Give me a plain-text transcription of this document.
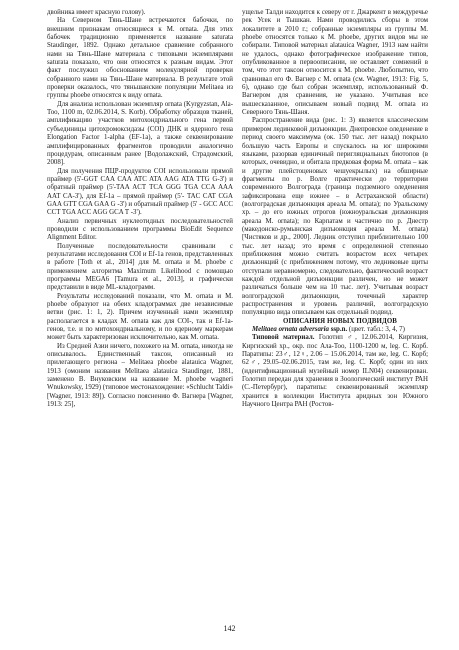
двойника имеет красную голову).

На Северном Тянь-Шане встречаются бабочки, по внешним признакам относящиеся к M. ornata. Для этих бабочек традиционно применяется название saturata Staudinger, 1892. Однако детальное сравнение собранного нами на Тянь-Шане материала с типовыми экземплярами saturata показало, что они относятся к разным видам. Этот факт послужил обоснованием молекулярной проверки собранного нами на Тянь-Шане материала. В результате этой проверки оказалось, что тяньшанские популяции Melitaea из группы phoebe относятся к виду ornata.

Для анализа использован экземпляр ornata (Kyrgyzstan, Ala-Too, 1100 m, 02.06.2014, S. Korb). Обработку образцов тканей, амплификацию участков митохондриального гена первой субъединицы цитохромоксидазы (COI) ДНК и ядерного гена Elongation Factor 1-alpha (EF-1a), а также секвенирование амплифицированных фрагментов проводили аналогично процедурам, описанным ранее [Водолажский, Страдомский, 2008].

Для получения ПЦР-продуктов COI использовали прямой праймер (5'-GGT CAA CAA ATC ATA AAG ATA TTG G-3') и обратный праймер (5'-TAA ACT TCA GGG TGA CCA AAA AAT CA-3'), для Ef-1a – прямой праймер (5'- TAC CAT CGA GAA GTT CGA GAA G -3') и обратный праймер (5' - GCC ACC CCT TGA ACC AGG GCA T -3').

Анализ первичных нуклеотидных последовательностей проводили с использованием программы BioEdit Sequence Alignment Editor.

Полученные последовательности сравнивали с результатами исследования COI и Ef-1a генов, представленных в работе [Toth et al., 2014] для M. ornata и M. phoebe с применением алгоритма Maximum Likelihood с помощью программы MEGA6 [Tamura et al., 2013], и графически представили в виде ML-кладограмм.

Результаты исследований показали, что M. ornata и M. phoebe образуют на обеих кладограммах две независимые ветви (рис. 1: 1, 2). Причем изученный нами экземпляр располагается в кладах M. ornata как для COI-, так и Ef-1a-генов, т.е. и по митохондриальному, и по ядерному маркерам может быть характеризован исключительно, как M. ornata.

Из Средней Азии ничего, похожего на M. ornata, никогда не описывалось. Единственный таксон, описанный из прилегающего региона – Melitaea phoebe alatauica Wagner, 1913 (омоним названия Melitaea alatauica Staudinger, 1881, заменено В. Внуковским на название M. phoebe wagneri Wnukowsky, 1929) (типовое местонахождение: «Schlucht Taldi» [Wagner, 1913: 89]). Согласно пояснению Ф. Вагнера [Wagner, 1913: 25],

ущелье Талди находится к северу от г. Джаркент в междуречье рек Усек и Тышкан. Нами проводились сборы в этом локалитете в 2010 г.; собранные экземпляры из группы M. phoebe относятся только к M. phoebe, других видов мы не собирали. Типовой материал alatauica Wagner, 1913 нам найти не удалось, однако фотографическое изображение типов, опубликованное в первоописании, не оставляет сомнений в том, что этот таксон относится к M. phoebe. Любопытно, что сравнивал его Ф. Вагнер с M. ornata (см. Wagner, 1913: Fig. 5, 6), однако где был собран экземпляр, использованный Ф. Вагнером для сравнения, не указано. Учитывая все вышесказанное, описываем новый подвид M. ornata из Северного Тянь-Шаня.

Распространение вида (рис. 1: 3) является классическим примером лединковой дизъюнкции. Днепровское оледенение в период своего максимума (ок. 150 тыс. лет назад) покрыло большую часть Европы и спускалось на юг широкими языками, разорвав единичный перигляциальных биотопов (в которых, очевидно, и обитала предковая форма M. ornata – как и другие плейстоценовых чешуекрылых) на обширные фрагменты по р. Волге практически до территории современного Волгограда (граница подземного оледенения зафиксирована еще южнее – в Астраханской области) (волгоградская дизъюнкция ареала M. ornata); по Уральскому хр. – до его южных отрогов (южноуральская дизъюнкция ареала M. ornata); по Карпатам и частично по р. Днестр (македонско-румынская дизъюнкция ареала M. ornata) [Чистяков и др., 2000]. Ледник отступил приблизительно 100 тыс. лет назад; это время с определенной степенью приближения можно считать возрастом всех четырех дизъюнкций (с приближением потому, что ледниковые щиты отступали неравномерно, следовательно, фактический возраст каждой отдельной дизъюнкции различен, но не может различаться больше чем на 10 тыс. лет). Учитывая возраст волгоградской дизъюнкции, точечный характер распространения и уровень различий, волгоградскую популяцию вида описываем как отдельный подвид.

ОПИСАНИЯ НОВЫХ ПОДВИДОВ

Melitaea ornata adversaria ssp.n. (цвет. табл.: 3, 4, 7)

Типовой материал. Голотип ♂, 12.06.2014, Киргизия, Киргизский хр., окр. пос Ала-Тоо, 1100-1200 м, leg. С. Корб. Паратипы: 23♂, 12♀, 2.06 – 15.06.2014, там же, leg. С. Корб; 62♂, 29.05–02.06.2015, там же, leg. С. Корб; один из них (идентификационный музейный номер ILN04) секвенирован. Голотип передан для хранения в Зоологический институт РАН (С.-Петербург), паратипы: секвенированный экземпляр хранится в коллекции Института аридных зон Южного Научного Центра РАН (Ростов-

142
